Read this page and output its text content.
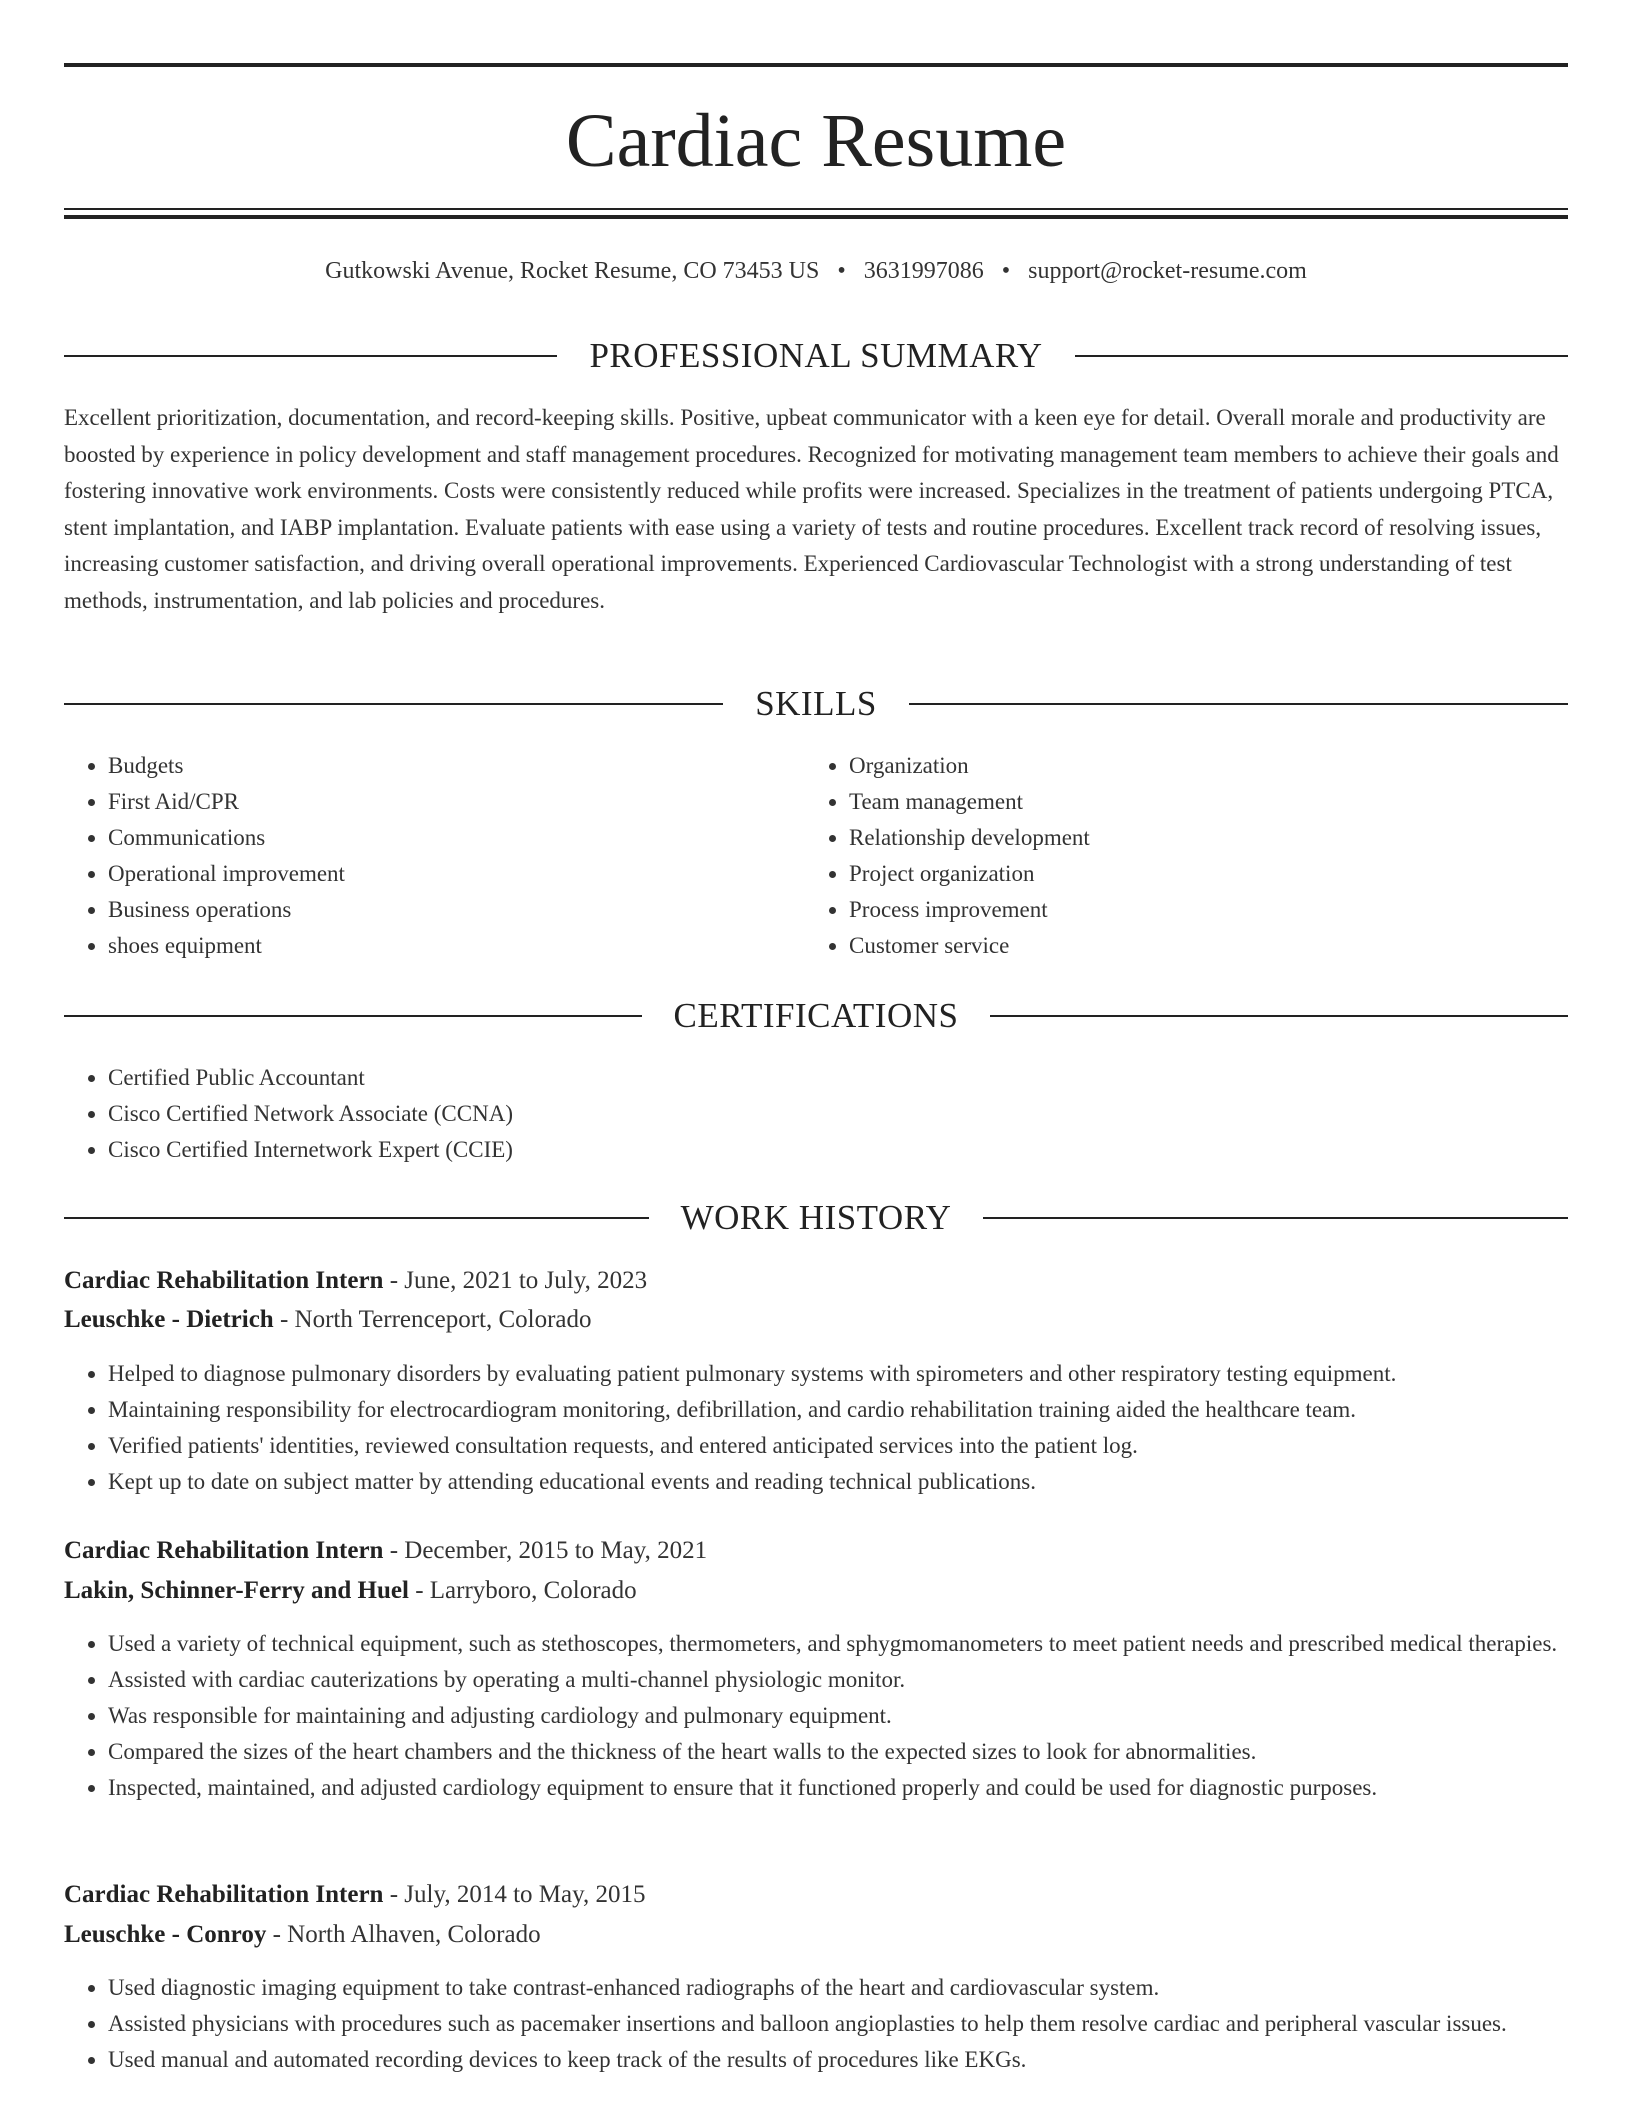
Cardiac Resume
Gutkowski Avenue, Rocket Resume, CO 73453 US • 3631997086 • support@rocket-resume.com
PROFESSIONAL SUMMARY

Excellent prioritization, documentation, and record-keeping skills. Positive, upbeat communicator with a keen eye for detail. Overall morale and productivity are boosted by experience in policy development and staff management procedures. Recognized for motivating management team members to achieve their goals and fostering innovative work environments. Costs were consistently reduced while profits were increased. Specializes in the treatment of patients undergoing PTCA, stent implantation, and IABP implantation. Evaluate patients with ease using a variety of tests and routine procedures. Excellent track record of resolving issues, increasing customer satisfaction, and driving overall operational improvements. Experienced Cardiovascular Technologist with a strong understanding of test methods, instrumentation, and lab policies and procedures.

SKILLS
• Budgets
• First Aid/CPR
• Communications
• Operational improvement
• Business operations
• shoes equipment
• Organization
• Team management
• Relationship development
• Project organization
• Process improvement
• Customer service
CERTIFICATIONS
• Certified Public Accountant
• Cisco Certified Network Associate (CCNA)
• Cisco Certified Internetwork Expert (CCIE)
WORK HISTORY
Cardiac Rehabilitation Intern - June, 2021 to July, 2023
Leuschke - Dietrich - North Terrenceport, Colorado
• Helped to diagnose pulmonary disorders by evaluating patient pulmonary systems with spirometers and other respiratory testing equipment.
• Maintaining responsibility for electrocardiogram monitoring, defibrillation, and cardio rehabilitation training aided the healthcare team.
• Verified patients' identities, reviewed consultation requests, and entered anticipated services into the patient log.
• Kept up to date on subject matter by attending educational events and reading technical publications.
Cardiac Rehabilitation Intern - December, 2015 to May, 2021
Lakin, Schinner-Ferry and Huel - Larryboro, Colorado
• Used a variety of technical equipment, such as stethoscopes, thermometers, and sphygmomanometers to meet patient needs and prescribed medical therapies.
• Assisted with cardiac cauterizations by operating a multi-channel physiologic monitor.
• Was responsible for maintaining and adjusting cardiology and pulmonary equipment.
• Compared the sizes of the heart chambers and the thickness of the heart walls to the expected sizes to look for abnormalities.
• Inspected, maintained, and adjusted cardiology equipment to ensure that it functioned properly and could be used for diagnostic purposes.
Cardiac Rehabilitation Intern - July, 2014 to May, 2015
Leuschke - Conroy - North Alhaven, Colorado
• Used diagnostic imaging equipment to take contrast-enhanced radiographs of the heart and cardiovascular system.
• Assisted physicians with procedures such as pacemaker insertions and balloon angioplasties to help them resolve cardiac and peripheral vascular issues.
• Used manual and automated recording devices to keep track of the results of procedures like EKGs.
